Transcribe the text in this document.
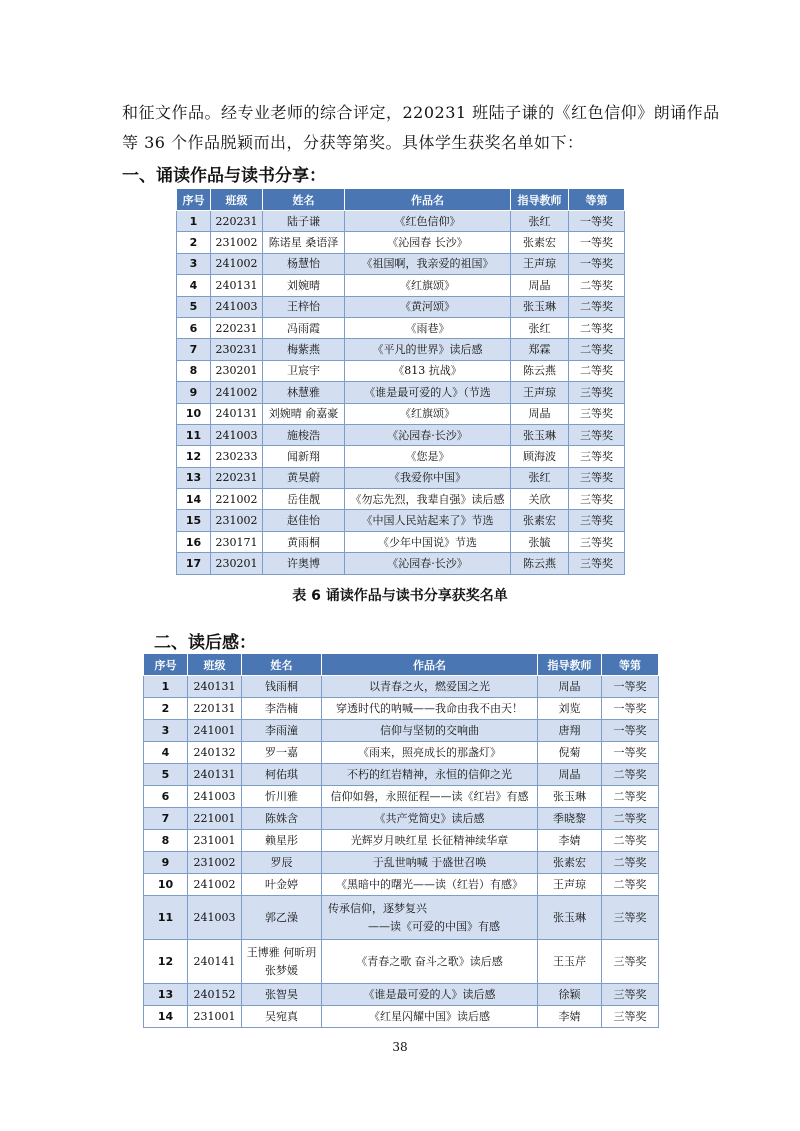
和征文作品。经专业老师的综合评定，220231 班陆子谦的《红色信仰》朗诵作品

等 36 个作品脱颖而出，分获等第奖。具体学生获奖名单如下：

一、诵读作品与读书分享：
序号	班级	姓名	作品名	指导教师	等第
1	220231	陆子谦	《红色信仰》	张红	一等奖
2	231002	陈诺星 桑语泽	《沁园春 长沙》	张素宏	一等奖
3	241002	杨慧怡	《祖国啊，我亲爱的祖国》	王声琼	一等奖
4	240131	刘婉晴	《红旗颂》	周晶	二等奖
5	241003	王梓怡	《黄河颂》	张玉琳	二等奖
6	220231	冯雨霞	《雨巷》	张红	二等奖
7	230231	梅紫燕	《平凡的世界》读后感	郑霖	二等奖
8	230201	卫宸宇	《813 抗战》	陈云燕	二等奖
9	241002	林慧雅	《谁是最可爱的人》（节选	王声琼	三等奖
10	240131	刘婉晴 俞嘉豪	《红旗颂》	周晶	三等奖
11	241003	施梭浩	《沁园春·长沙》	张玉琳	三等奖
12	230233	闻新翔	《您是》	顾海波	三等奖
13	220231	黄昊蔚	《我爱你中国》	张红	三等奖
14	221002	岳佳靓	《勿忘先烈，我辈自强》读后感	关欣	三等奖
15	231002	赵佳怡	《中国人民站起来了》节选	张素宏	三等奖
16	230171	黄雨桐	《少年中国说》节选	张毓	三等奖
17	230201	许奥博	《沁园春·长沙》	陈云燕	三等奖
表 6 诵读作品与读书分享获奖名单
二、读后感：
序号	班级	姓名	作品名	指导教师	等第
1	240131	钱雨桐	以青春之火，燃爱国之光	周晶	一等奖
2	220131	李浩楠	穿透时代的呐喊——我命由我不由天！	刘览	一等奖
3	241001	李雨潼	信仰与坚韧的交响曲	唐翔	一等奖
4	240132	罗一嘉	《雨来，照亮成长的那盏灯》	倪菊	一等奖
5	240131	柯佑琪	不朽的红岩精神，永恒的信仰之光	周晶	二等奖
6	241003	忻川雅	信仰如磐，永照征程——读《红岩》有感	张玉琳	二等奖
7	221001	陈姝含	《共产党简史》读后感	季晓黎	二等奖
8	231001	赖星彤	光辉岁月映红星 长征精神续华章	李婧	二等奖
9	231002	罗辰	于乱世呐喊 于盛世召唤	张素宏	二等奖
10	241002	叶金婷	《黑暗中的曙光——读（红岩）有感》	王声琼	二等奖
11	241003	郭乙澡	传承信仰，逐梦复兴
——读《可爱的中国》有感	张玉琳	三等奖
12	240141	王博雅 何昕玥
张梦媛	《青春之歌 奋斗之歌》读后感	王玉芹	三等奖
13	240152	张智昊	《谁是最可爱的人》读后感	徐颖	三等奖
14	231001	吴宛真	《红星闪耀中国》读后感	李婧	三等奖
38
